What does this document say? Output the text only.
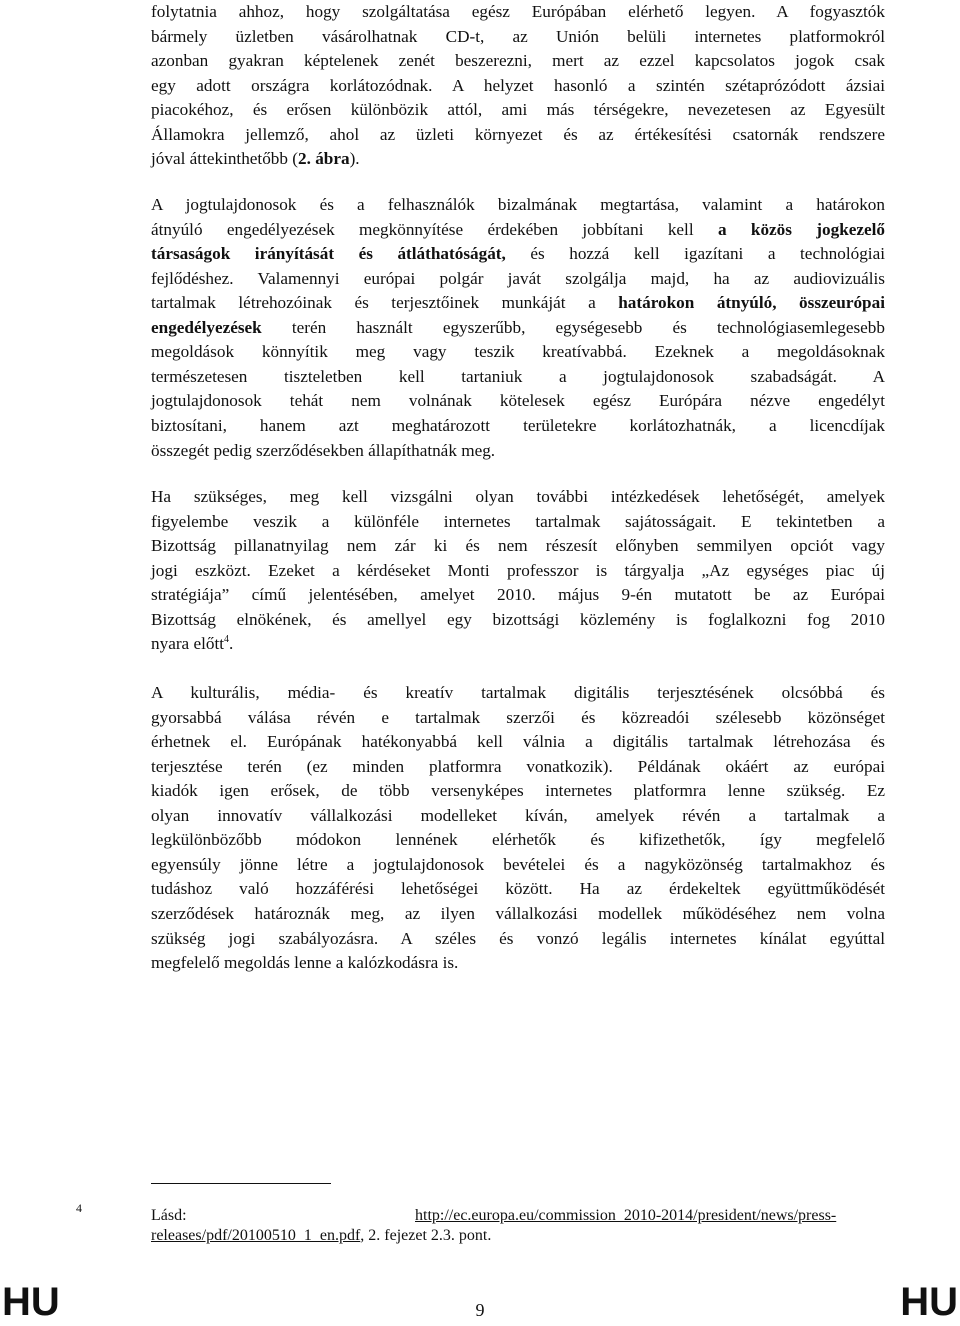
folytatnia ahhoz, hogy szolgáltatása egész Európában elérhető legyen. A fogyasztók
bármely üzletben vásárolhatnak CD-t, az Unión belüli internetes platformokról
azonban gyakran képtelenek zenét beszerezni, mert az ezzel kapcsolatos jogok csak
egy adott országra korlátozódnak. A helyzet hasonló a szintén szétaprózódott ázsiai
piacokéhoz, és erősen különbözik attól, ami más térségekre, nevezetesen az Egyesült
Államokra jellemző, ahol az üzleti környezet és az értékesítési csatornák rendszere
jóval áttekinthetőbb (2. ábra).
A jogtulajdonosok és a felhasználók bizalmának megtartása, valamint a határokon
átnyúló engedélyezések megkönnyítése érdekében jobbítani kell a közös jogkezelő
társaságok irányítását és átláthatóságát, és hozzá kell igazítani a technológiai
fejlődéshez. Valamennyi európai polgár javát szolgálja majd, ha az audiovizuális
tartalmak létrehozóinak és terjesztőinek munkáját a határokon átnyúló, összeurópai
engedélyezések terén használt egyszerűbb, egységesebb és technológiasemlegesebb
megoldások könnyítik meg vagy teszik kreatívabbá. Ezeknek a megoldásoknak
természetesen tiszteletben kell tartaniuk a jogtulajdonosok szabadságát. A
jogtulajdonosok tehát nem volnának kötelesek egész Európára nézve engedélyt
biztosítani, hanem azt meghatározott területekre korlátozhatnák, a licencdíjak
összegét pedig szerződésekben állapíthatnák meg.
Ha szükséges, meg kell vizsgálni olyan további intézkedések lehetőségét, amelyek
figyelembe veszik a különféle internetes tartalmak sajátosságait. E tekintetben a
Bizottság pillanatnyilag nem zár ki és nem részesít előnyben semmilyen opciót vagy
jogi eszközt. Ezeket a kérdéseket Monti professzor is tárgyalja „Az egységes piac új
stratégiája” című jelentésében, amelyet 2010. május 9-én mutatott be az Európai
Bizottság elnökének, és amellyel egy bizottsági közlemény is foglalkozni fog 2010
nyara előtt$^4$.
A kulturális, média- és kreatív tartalmak digitális terjesztésének olcsóbbá és
gyorsabbá válása révén e tartalmak szerzői és közreadói szélesebb közönséget
érhetnek el. Európának hatékonyabbá kell válnia a digitális tartalmak létrehozása és
terjesztése terén (ez minden platformra vonatkozik). Példának okáért az európai
kiadók igen erősek, de több versenyképes internetes platformra lenne szükség. Ez
olyan innovatív vállalkozási modelleket kíván, amelyek révén a tartalmak a
legkülönbözőbb módokon lennének elérhetők és kifizethetők, így megfelelő
egyensúly jönne létre a jogtulajdonosok bevételei és a nagyközönség tartalmakhoz és
tudáshoz való hozzáférési lehetőségei között. Ha az érdekeltek együttműködését
szerződések határoznák meg, az ilyen vállalkozási modellek működéséhez nem volna
szükség jogi szabályozásra. A széles és vonzó legális internetes kínálat egyúttal
megfelelő megoldás lenne a kalózkodásra is.
4	Lásd:	http://ec.europa.eu/commission_2010-2014/president/news/press-
releases/pdf/20100510_1_en.pdf, 2. fejezet 2.3. pont.
HU	9	HU
